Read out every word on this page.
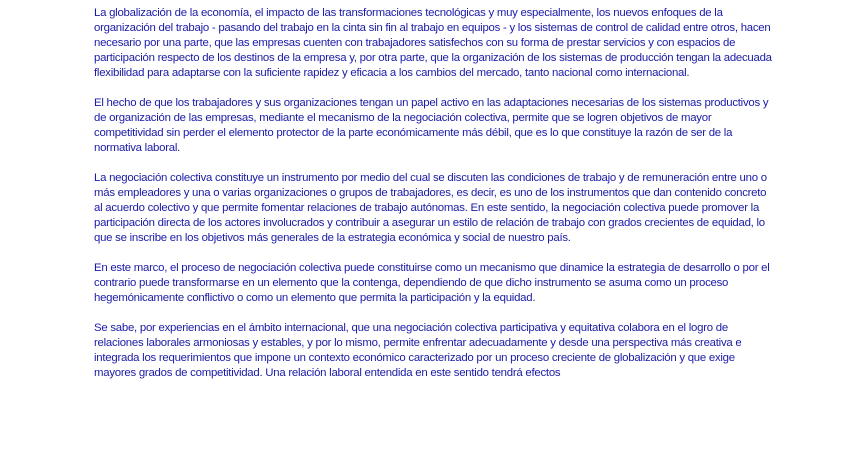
La globalización de la economía, el impacto de las transformaciones tecnológicas y muy especialmente, los nuevos enfoques de la organización del trabajo - pasando del trabajo en la cinta sin fin al trabajo en equipos - y los sistemas de control de calidad entre otros, hacen necesario por una parte, que las empresas cuenten con trabajadores satisfechos con su forma de prestar servicios y con espacios de participación respecto de los destinos de la empresa y, por otra parte, que la organización de los sistemas de producción tengan la adecuada flexibilidad para adaptarse con la suficiente rapidez y eficacia a los cambios del mercado, tanto nacional como internacional.

El hecho de que los trabajadores y sus organizaciones tengan un papel activo en las adaptaciones necesarias de los sistemas productivos y de organización de las empresas, mediante el mecanismo de la negociación colectiva, permite que se logren objetivos de mayor competitividad sin perder el elemento protector de la parte económicamente más débil, que es lo que constituye la razón de ser de la normativa laboral.

La negociación colectiva constituye un instrumento por medio del cual se discuten las condiciones de trabajo y de remuneración entre uno o más empleadores y una o varias organizaciones o grupos de trabajadores, es decir, es uno de los instrumentos que dan contenido concreto al acuerdo colectivo y que permite fomentar relaciones de trabajo autónomas. En este sentido, la negociación colectiva puede promover la participación directa de los actores involucrados y contribuir a asegurar un estilo de relación de trabajo con grados crecientes de equidad, lo que se inscribe en los objetivos más generales de la estrategia económica y social de nuestro país.

En este marco, el proceso de negociación colectiva puede constituirse como un mecanismo que dinamice la estrategia de desarrollo o por el contrario puede transformarse en un elemento que la contenga, dependiendo de que dicho instrumento se asuma como un proceso hegemónicamente conflictivo o como un elemento que permita la participación y la equidad.

Se sabe, por experiencias en el ámbito internacional, que una negociación colectiva participativa y equitativa colabora en el logro de relaciones laborales armoniosas y estables, y por lo mismo, permite enfrentar adecuadamente y desde una perspectiva más creativa e integrada los requerimientos que impone un contexto económico caracterizado por un proceso creciente de globalización y que exige mayores grados de competitividad. Una relación laboral entendida en este sentido tendrá efectos
